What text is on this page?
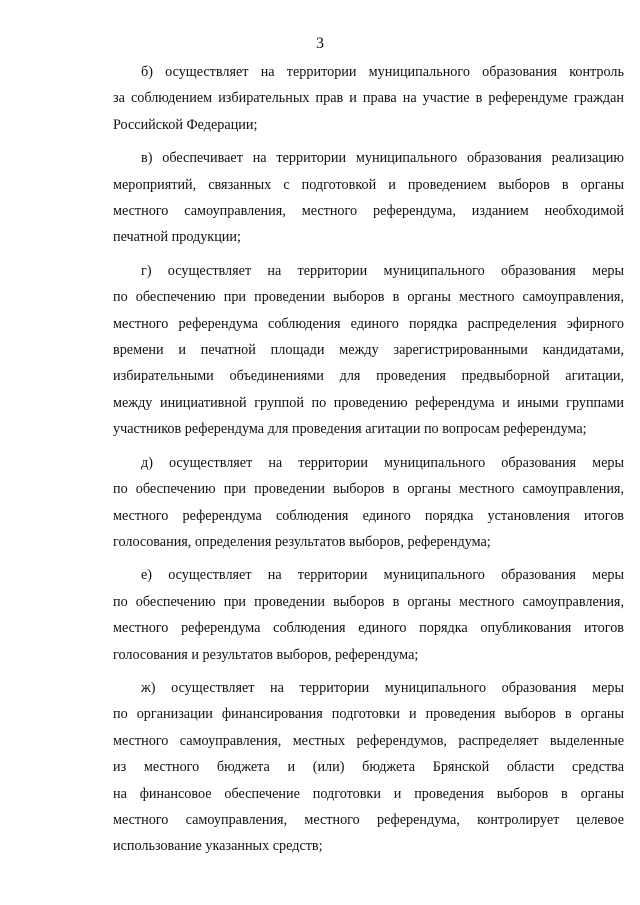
3

б) осуществляет на территории муниципального образования контроль
за соблюдением избирательных прав и права на участие в референдуме граждан
Российской Федерации;

в) обеспечивает на территории муниципального образования реализацию
мероприятий, связанных с подготовкой и проведением выборов в органы
местного самоуправления, местного референдума, изданием необходимой
печатной продукции;

г) осуществляет на территории муниципального образования меры
по обеспечению при проведении выборов в органы местного самоуправления,
местного референдума соблюдения единого порядка распределения эфирного
времени и печатной площади между зарегистрированными кандидатами,
избирательными объединениями для проведения предвыборной агитации,
между инициативной группой по проведению референдума и иными группами
участников референдума для проведения агитации по вопросам референдума;

д) осуществляет на территории муниципального образования меры
по обеспечению при проведении выборов в органы местного самоуправления,
местного референдума соблюдения единого порядка установления итогов
голосования, определения результатов выборов, референдума;

е) осуществляет на территории муниципального образования меры
по обеспечению при проведении выборов в органы местного самоуправления,
местного референдума соблюдения единого порядка опубликования итогов
голосования и результатов выборов, референдума;

ж) осуществляет на территории муниципального образования меры
по организации финансирования подготовки и проведения выборов в органы
местного самоуправления, местных референдумов, распределяет выделенные
из местного бюджета и (или) бюджета Брянской области средства
на финансовое обеспечение подготовки и проведения выборов в органы
местного самоуправления, местного референдума, контролирует целевое
использование указанных средств;
